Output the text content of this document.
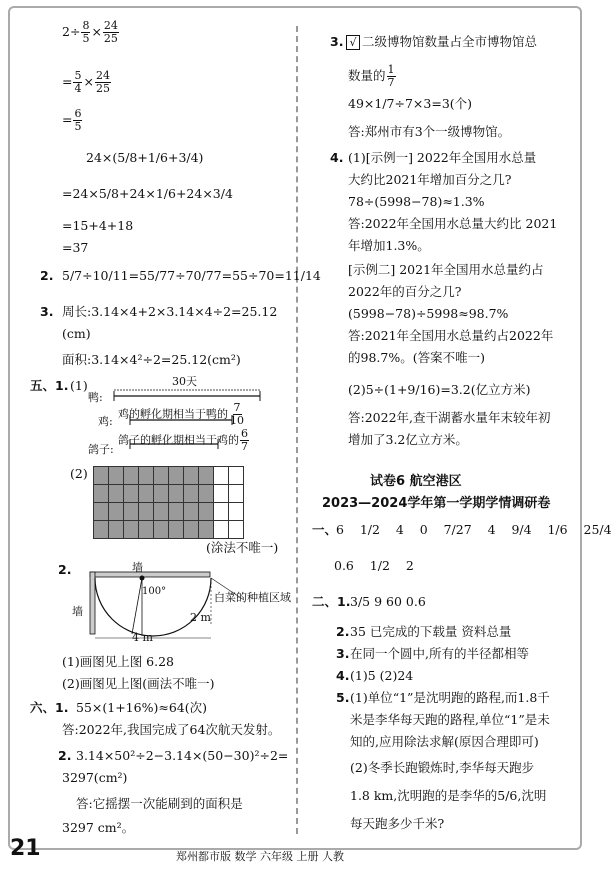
$2\div \frac{8}{5} \times \frac{24}{25}$
= $\frac{5}{4} \times \frac{24}{25}$
= $\frac{6}{5}$
24×(5/8+1/6+3/4)
=24×5/8+24×1/6+24×3/4
=15+4+18
=37
2. 5/7÷10/11=55/77÷70/77=55÷70=11/14
3. 周长:3.14×4+2×3.14×4÷2=25.12
(cm)
面积:3.14×4²÷2=25.12(cm²)
五、1. (1)	30天
鸭:
鸡的孵化期相当于鸭的 $\frac{7}{10}$
鸡:
鸽子的孵化期相当于鸡的 $\frac{6}{7}$
鸽子:
(2)
(涂法不唯一)
2.	墙
墙
100°	白菜的种植区域
2 m
4 m
(1)画图见上图 6.28
(2)画图见上图(画法不唯一)
六、1. 55×(1+16%)≈64(次)
答:2022年,我国完成了64次航天发射。
2. 3.14×50²÷2−3.14×(50−30)²÷2=
3297(cm²)
答:它摇摆一次能刷到的面积是
3297 cm²。
3. √ 二级博物馆数量占全市博物馆总
数量的 $\frac{1}{7}$
49×1/7÷7×3=3(个)
答:郑州市有3个一级博物馆。
4. (1)[示例一] 2022年全国用水总量
大约比2021年增加百分之几?
78÷(5998−78)≈1.3%
答:2022年全国用水总量大约比 2021
年增加1.3%。
[示例二] 2021年全国用水总量约占
2022年的百分之几?
(5998−78)÷5998≈98.7%
答:2021年全国用水总量约占2022年
的98.7%。(答案不唯一)
(2)5÷(1+9/16)=3.2(亿立方米)
答:2022年,查干湖蓄水量年末较年初
增加了3.2亿立方米。
试卷6 航空港区
2023—2024学年第一学期学情调研卷
一、
6 1/2 4 0 7/27 4 9/4 1/6 25/4
0.6 1/2 2
二、1. 3/5 9 60 0.6
2. 35 已完成的下载量 资料总量
3. 在同一个圆中,所有的半径都相等
4. (1)5 (2)24
5. (1)单位“1”是沈明跑的路程,而1.8千
米是李华每天跑的路程,单位“1”是未
知的,应用除法求解(原因合理即可)
(2)冬季长跑锻炼时,李华每天跑步
1.8 km,沈明跑的是李华的5/6,沈明
每天跑多少千米?
21	郑州都市版 数学 六年级 上册 人教
